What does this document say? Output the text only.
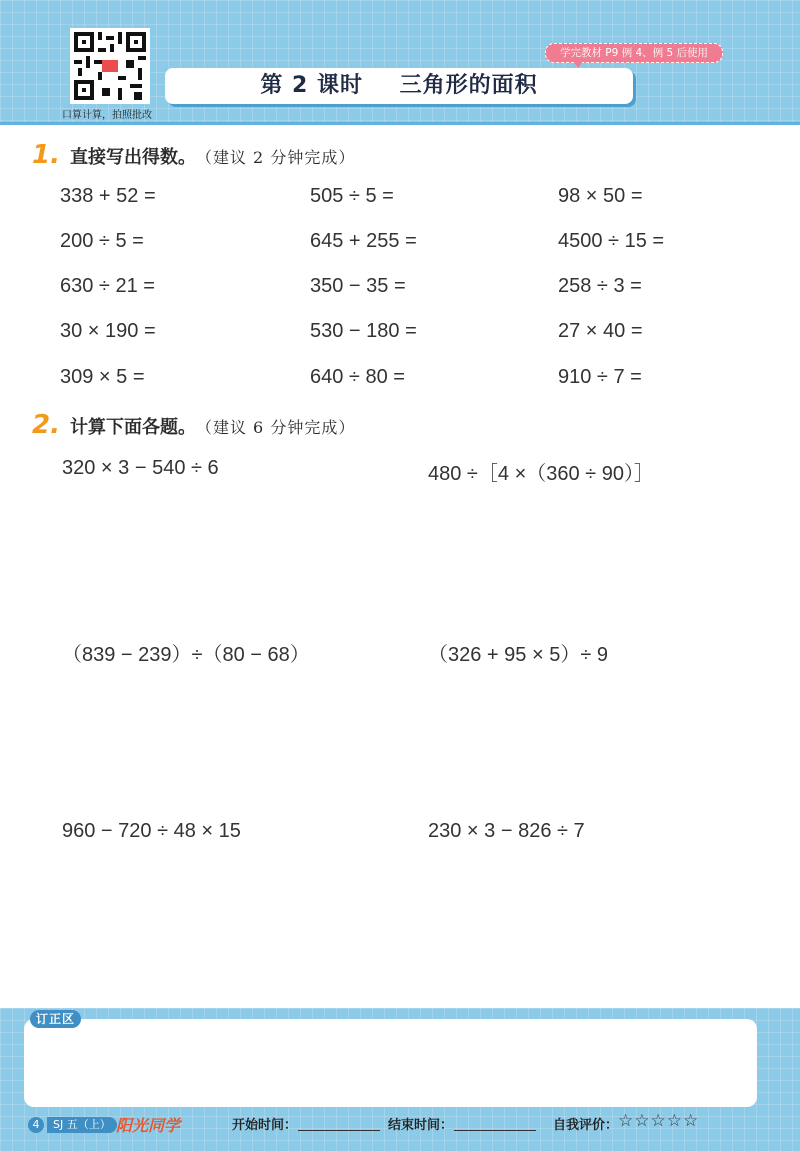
口算计算，拍照批改
学完教材 P9 例 4、例 5 后使用
第 2 课时 三角形的面积
1. 直接写出得数。 （建议 2 分钟完成）
338 + 52 =	505 ÷ 5 =	98 × 50 =
200 ÷ 5 =	645 + 255 =	4500 ÷ 15 =
630 ÷ 21 =	350 − 35 =	258 ÷ 3 =
30 × 190 =	530 − 180 =	27 × 40 =
309 × 5 =	640 ÷ 80 =	910 ÷ 7 =
2. 计算下面各题。 （建议 6 分钟完成）
320 × 3 − 540 ÷ 6	480 ÷［4 ×（360 ÷ 90）］
（839 − 239）÷（80 − 68）	（326 + 95 × 5）÷ 9
960 − 720 ÷ 48 × 15	230 × 3 − 826 ÷ 7
订正区
4	SJ 五（上） 阳光同学	开始时间：	结束时间：	自我评价： ☆☆☆☆☆
